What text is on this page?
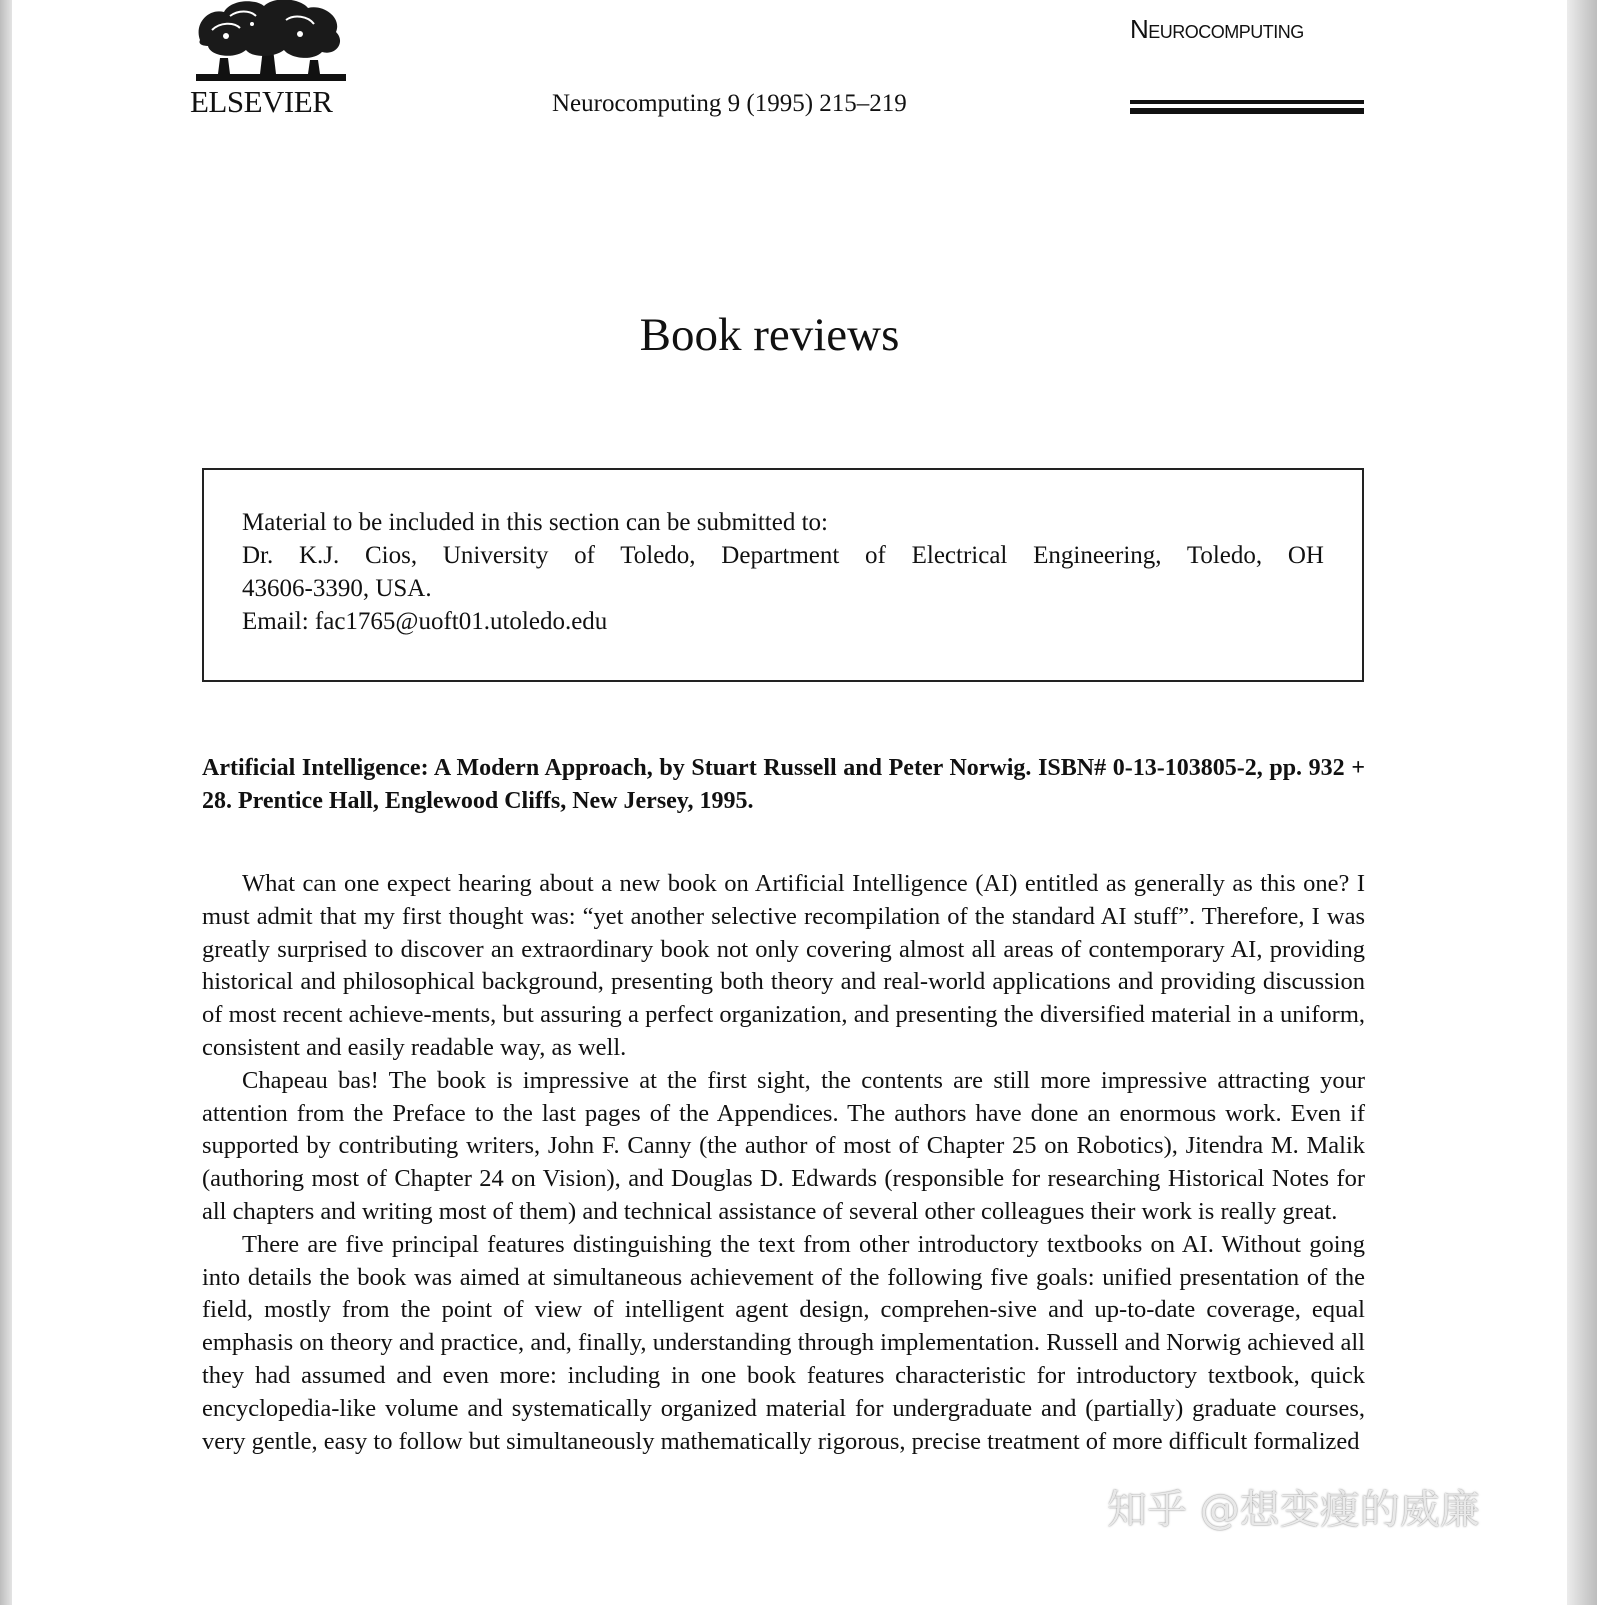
ELSEVIER	Neurocomputing 9 (1995) 215–219
Neurocomputing
Book reviews

Material to be included in this section can be submitted to:

Dr. K.J. Cios, University of Toledo, Department of Electrical Engineering, Toledo, OH

43606-3390, USA.

Email: fac1765@uoft01.utoledo.edu

Artificial Intelligence: A Modern Approach, by Stuart Russell and Peter Norwig. ISBN# 0-13-103805-2, pp. 932 + 28. Prentice Hall, Englewood Cliffs, New Jersey, 1995.

What can one expect hearing about a new book on Artificial Intelligence (AI) entitled as generally as this one? I must admit that my first thought was: “yet another selective recompilation of the standard AI stuff”. Therefore, I was greatly surprised to discover an extraordinary book not only covering almost all areas of contemporary AI, providing historical and philosophical background, presenting both theory and real-world applications and providing discussion of most recent achieve-ments, but assuring a perfect organization, and presenting the diversified material in a uniform, consistent and easily readable way, as well.

Chapeau bas! The book is impressive at the first sight, the contents are still more impressive attracting your attention from the Preface to the last pages of the Appendices. The authors have done an enormous work. Even if supported by contributing writers, John F. Canny (the author of most of Chapter 25 on Robotics), Jitendra M. Malik (authoring most of Chapter 24 on Vision), and Douglas D. Edwards (responsible for researching Historical Notes for all chapters and writing most of them) and technical assistance of several other colleagues their work is really great.

There are five principal features distinguishing the text from other introductory textbooks on AI. Without going into details the book was aimed at simultaneous achievement of the following five goals: unified presentation of the field, mostly from the point of view of intelligent agent design, comprehen-sive and up-to-date coverage, equal emphasis on theory and practice, and, finally, understanding through implementation. Russell and Norwig achieved all they had assumed and even more: including in one book features characteristic for introductory textbook, quick encyclopedia-like volume and systematically organized material for undergraduate and (partially) graduate courses, very gentle, easy to follow but simultaneously mathematically rigorous, precise treatment of more difficult formalized

知乎 @想变瘦的威廉
